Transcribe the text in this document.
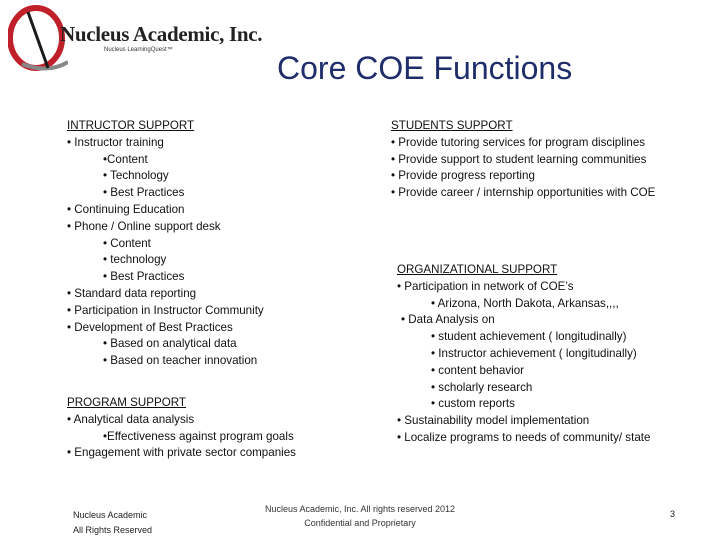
Nucleus Academic, Inc.
Nucleus LearningQuest™	Core COE Functions
INTRUCTOR SUPPORT
• Instructor training
•Content
• Technology
• Best Practices
• Continuing Education
• Phone / Online support desk
• Content
• technology
• Best Practices
• Standard data reporting
• Participation in Instructor Community
• Development of Best Practices
• Based on analytical data
• Based on teacher innovation
PROGRAM SUPPORT
• Analytical data analysis
•Effectiveness against program goals
• Engagement with private sector companies
STUDENTS SUPPORT
• Provide tutoring services for program disciplines
• Provide support to student learning communities
• Provide progress reporting
• Provide career / internship opportunities with COE
ORGANIZATIONAL SUPPORT
• Participation in network of COE’s
• Arizona, North Dakota, Arkansas,,,,
• Data Analysis on
• student achievement ( longitudinally)
• Instructor achievement ( longitudinally)
• content behavior
• scholarly research
• custom reports
• Sustainability model implementation
• Localize programs to needs of community/ state
Nucleus Academic
All Rights Reserved
Nucleus Academic, Inc. All rights reserved 2012
Confidential and Proprietary
3
